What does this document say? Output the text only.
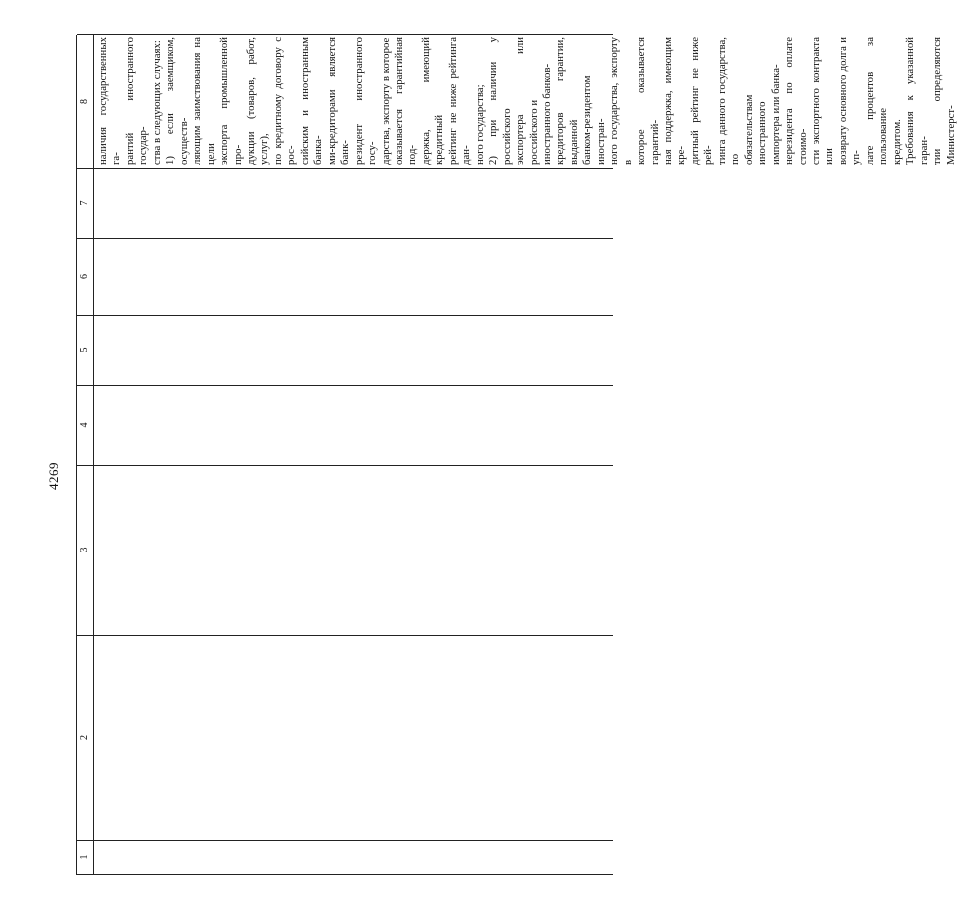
4269
1
2
3
4
5
6
7
8 наличия государственных га- рантий иностранного государ- ства в следующих случаях: 1) если заемщиком, осуществ- ляющим заимствования на цели экспорта промышленной про- дукции (товаров, работ, услуг), по кредитному договору с рос- сийским и иностранным банка- ми-кредиторами является банк- резидент иностранного госу- дарства, экспорту в которое оказывается гарантийная под- держка, имеющий кредитный рейтинг не ниже рейтинга дан- ного государства; 2) при наличии у российского экспортера или российского и иностранного банков- кредиторов гарантии, выданной банком-резидентом иностран- ного государства, экспорту в которое оказывается гарантий- ная поддержка, имеющим кре- дитный рейтинг не ниже рей- тинга данного государства, по обязательствам иностранного импортера или банка- нерезидента по оплате стоимо- сти экспортного контракта или возврату основного долга и уп- лате процентов за пользование кредитом. Требования к указанной гаран- тии определяются Министерст-
